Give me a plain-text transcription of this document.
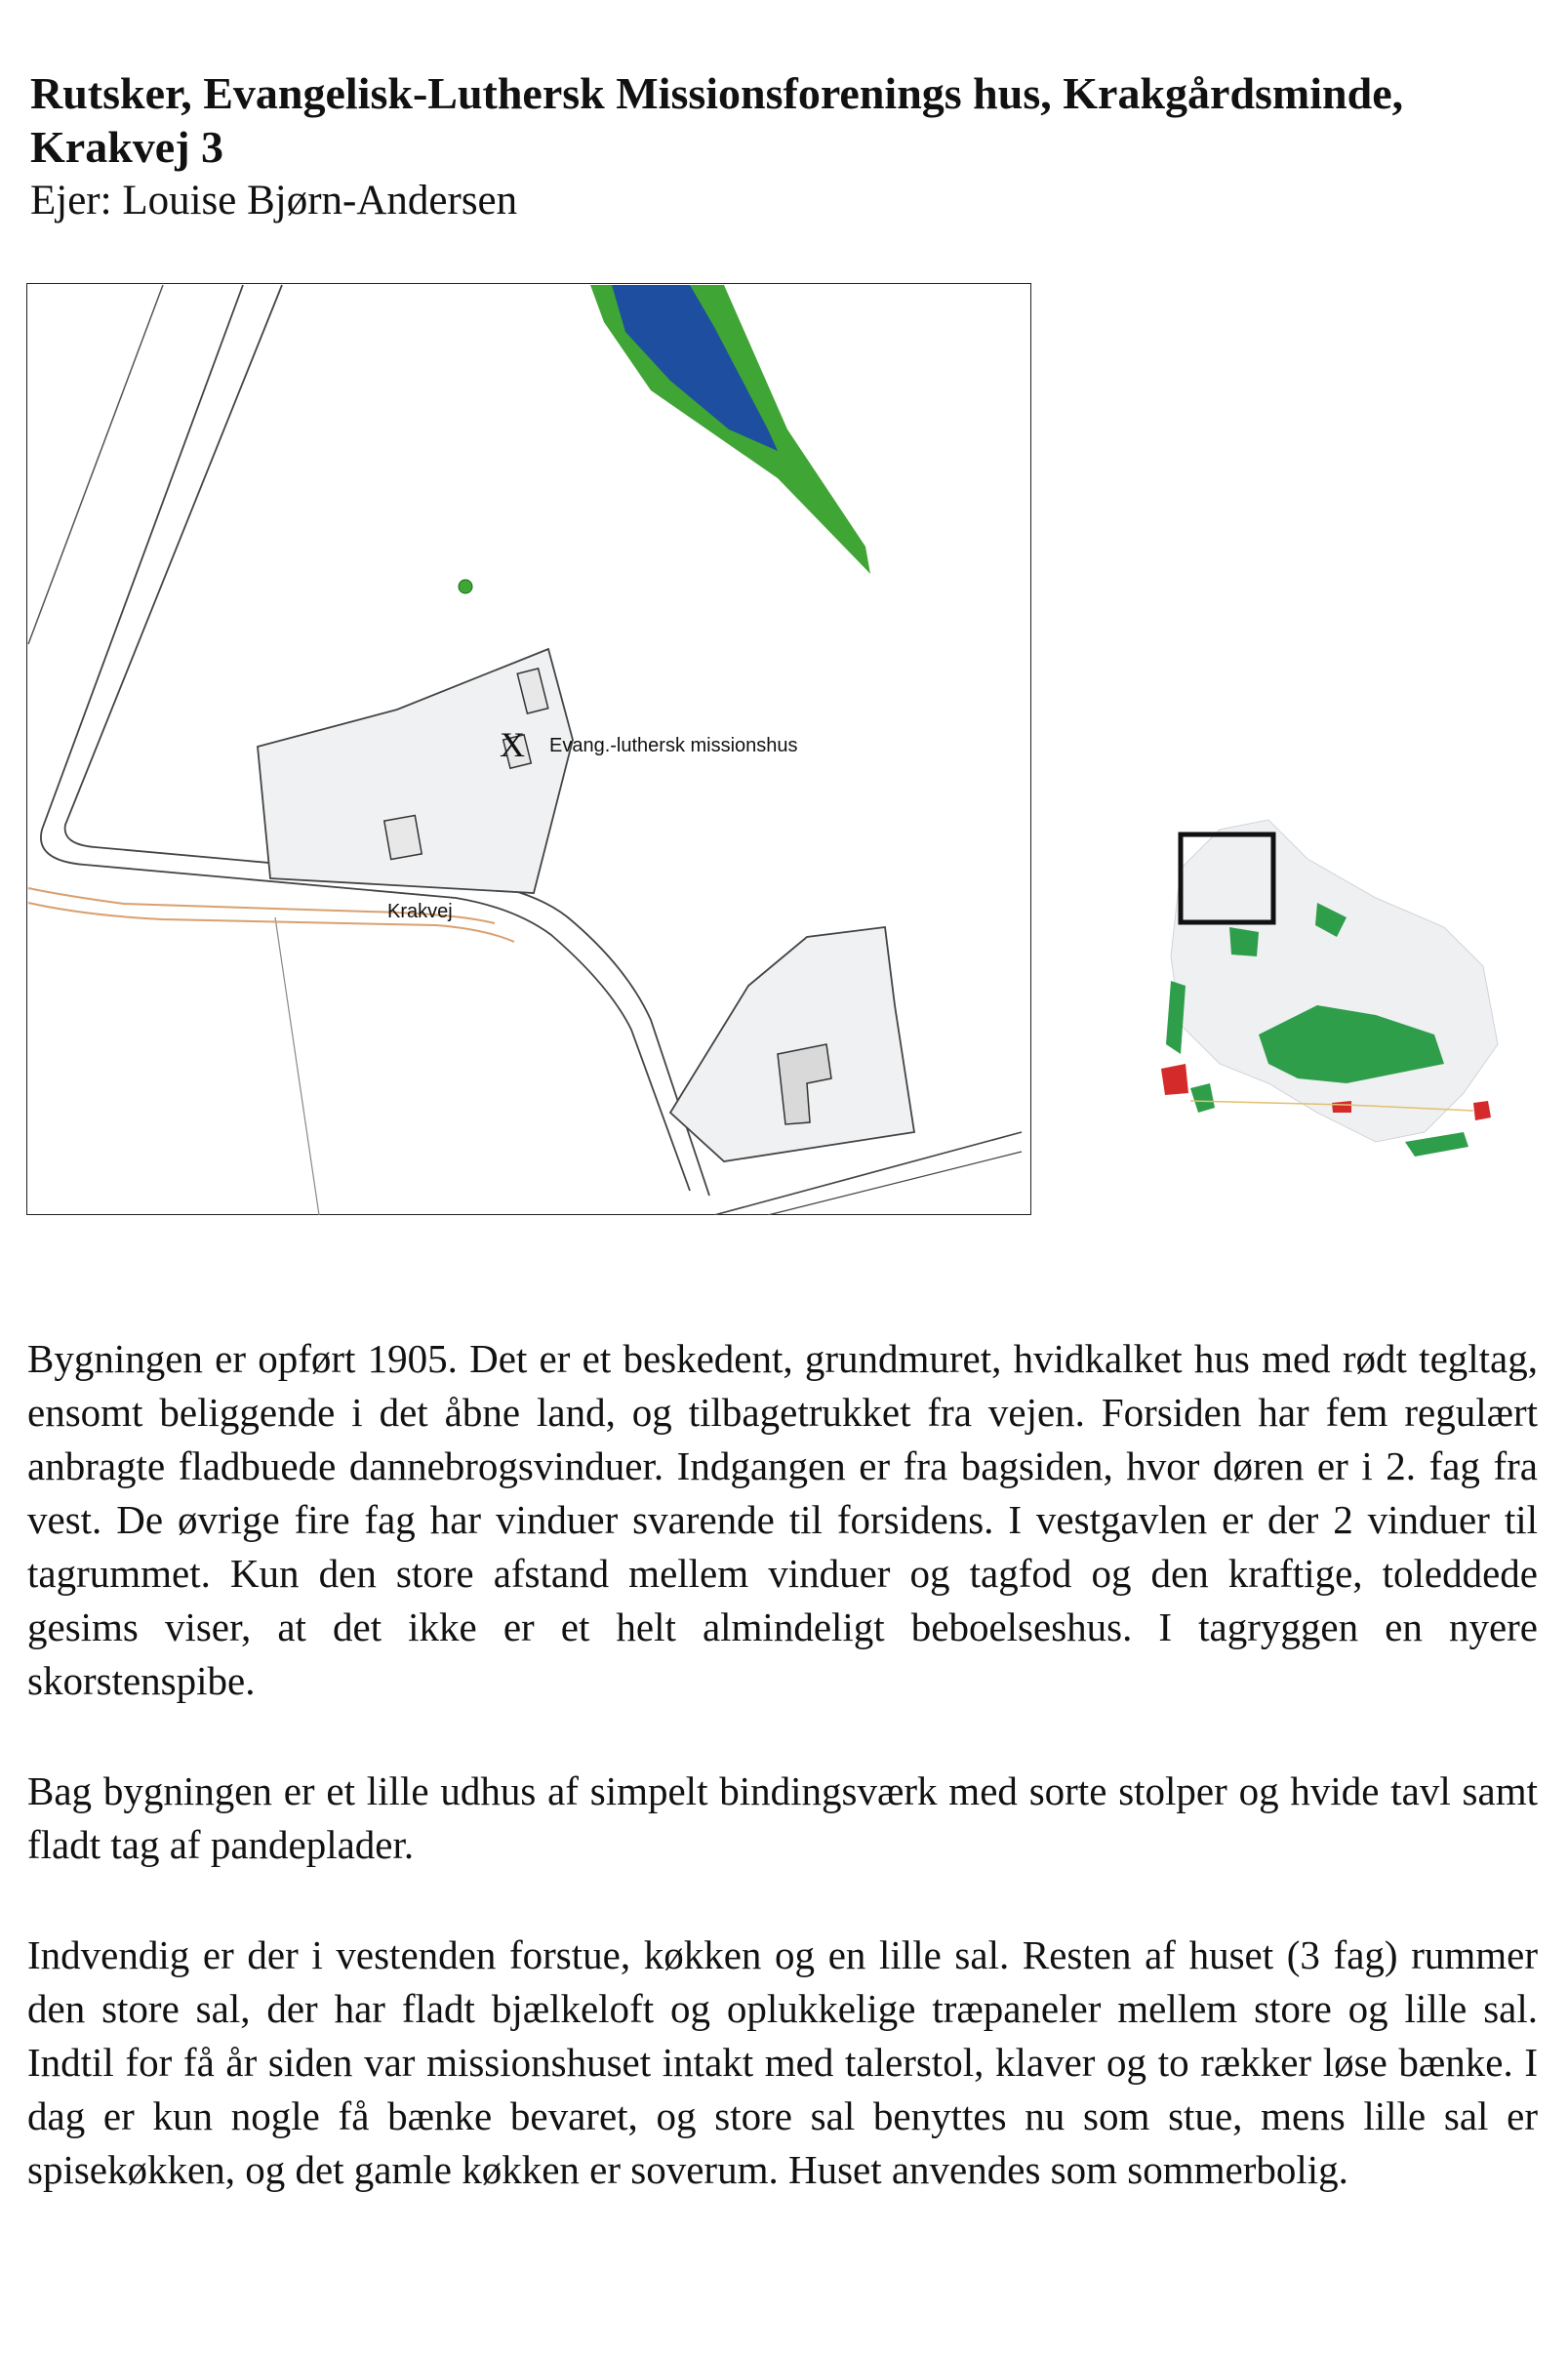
Rutsker, Evangelisk-Luthersk Missionsforenings hus, Krakgårdsminde, Krakvej 3
Ejer: Louise Bjørn-Andersen
X Evang.-luthersk missionshus
Krakvej

Bygningen er opført 1905. Det er et beskedent, grundmuret, hvidkalket hus med rødt tegltag, ensomt beliggende i det åbne land, og tilbagetrukket fra vejen. Forsiden har fem regulært anbragte fladbuede dannebrogsvinduer. Indgangen er fra bagsiden, hvor døren er i 2. fag fra vest. De øvrige fire fag har vinduer svarende til forsidens. I vestgavlen er der 2 vinduer til tagrummet. Kun den store afstand mellem vinduer og tagfod og den kraftige, toleddede gesims viser, at det ikke er et helt almindeligt beboelseshus. I tagryggen en nyere skorstenspibe.

Bag bygningen er et lille udhus af simpelt bindingsværk med sorte stolper og hvide tavl samt fladt tag af pandeplader.

Indvendig er der i vestenden forstue, køkken og en lille sal. Resten af huset (3 fag) rummer den store sal, der har fladt bjælkeloft og oplukkelige træpaneler mellem store og lille sal. Indtil for få år siden var missionshuset intakt med talerstol, klaver og to rækker løse bænke. I dag er kun nogle få bænke bevaret, og store sal benyttes nu som stue, mens lille sal er spisekøkken, og det gamle køkken er soverum. Huset anvendes som sommerbolig.
